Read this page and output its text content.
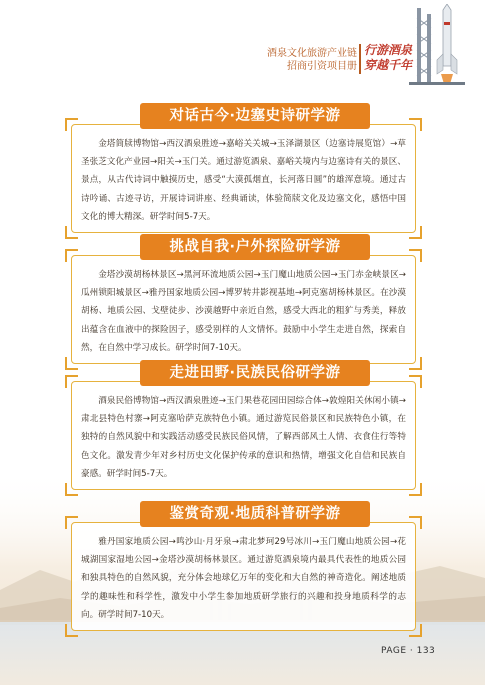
酒泉文化旅游产业链
招商引资项目册
行游酒泉
穿越千年

金塔简牍博物馆→西汉酒泉胜迹→嘉峪关关城→玉泽湖景区（边塞诗展览馆）→草圣张芝文化产业园→阳关→玉门关。通过游览酒泉、嘉峪关境内与边塞诗有关的景区、景点，从古代诗词中触摸历史，感受“大漠孤烟直，长河落日圆”的雄浑意境。通过古诗吟诵、古迹寻访，开展诗词讲座、经典诵读，体验简牍文化及边塞文化，感悟中国文化的博大精深。研学时间5-7天。

对话古今·边塞史诗研学游

金塔沙漠胡杨林景区→黑河环流地质公园→玉门魔山地质公园→玉门赤金峡景区→瓜州锁阳城景区→雅丹国家地质公园→博罗转井影视基地→阿克塞胡杨林景区。在沙漠胡杨、地质公园、戈壁徒步、沙漠越野中亲近自然，感受大西北的粗犷与秀美，释放出蕴含在血液中的探险因子，感受别样的人文情怀。鼓励中小学生走进自然，探索自然，在自然中学习成长。研学时间7-10天。

挑战自我·户外探险研学游

酒泉民俗博物馆→西汉酒泉胜迹→玉门果巷花园田园综合体→敦煌阳关休闲小镇→肃北县特色村寨→阿克塞哈萨克族特色小镇。通过游览民俗景区和民族特色小镇，在独特的自然风貌中和实践活动感受民族民俗风情，了解西部风土人情、衣食住行等特色文化。激发青少年对乡村历史文化保护传承的意识和热情，增强文化自信和民族自豪感。研学时间5-7天。

走进田野·民族民俗研学游

雅丹国家地质公园→鸣沙山·月牙泉→肃北梦珂29号冰川→玉门魔山地质公园→花城湖国家湿地公园→金塔沙漠胡杨林景区。通过游览酒泉境内最具代表性的地质公园和独具特色的自然风貌，充分体会地球亿万年的变化和大自然的神奇造化。阐述地质学的趣味性和科学性，激发中小学生参加地质研学旅行的兴趣和投身地质科学的志向。研学时间7-10天。

鉴赏奇观·地质科普研学游
PAGE · 133
